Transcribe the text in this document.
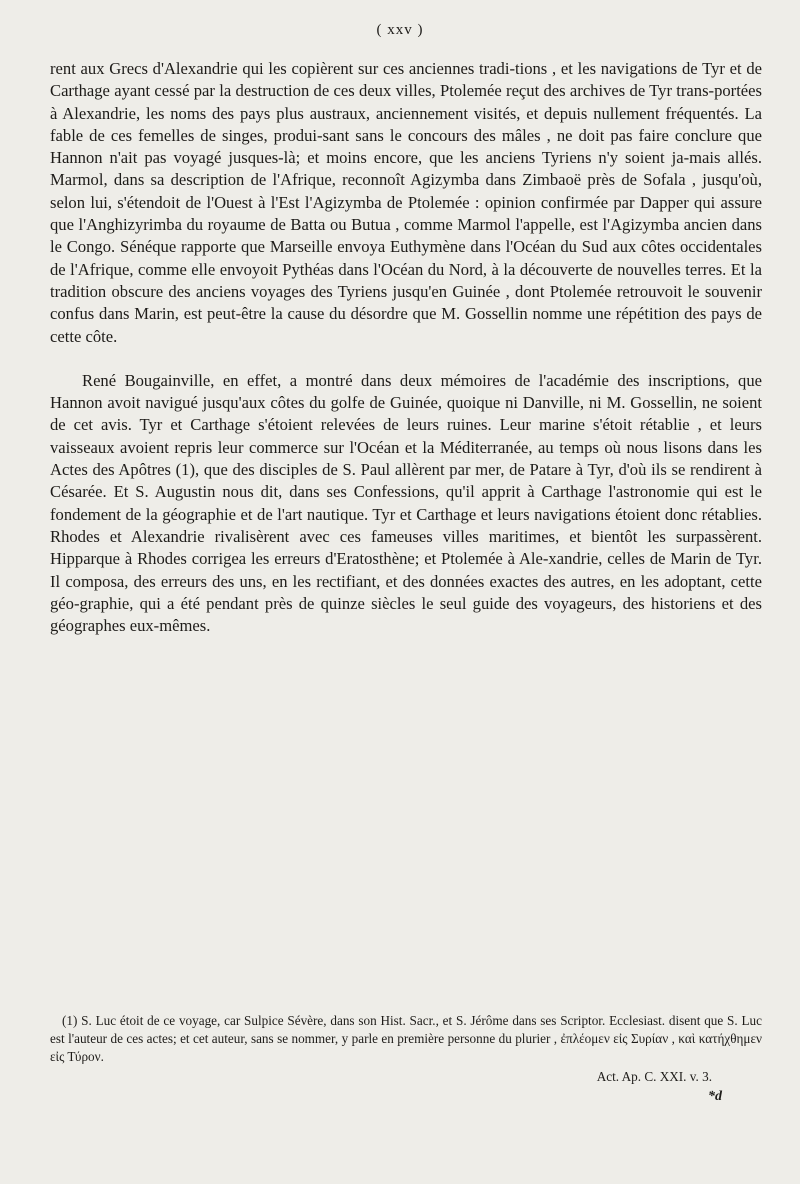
( xxv )

rent aux Grecs d'Alexandrie qui les copièrent sur ces anciennes tradi-tions , et les navigations de Tyr et de Carthage ayant cessé par la destruction de ces deux villes, Ptolemée reçut des archives de Tyr trans-portées à Alexandrie, les noms des pays plus austraux, anciennement visités, et depuis nullement fréquentés. La fable de ces femelles de singes, produi-sant sans le concours des mâles , ne doit pas faire conclure que Hannon n'ait pas voyagé jusques-là; et moins encore, que les anciens Tyriens n'y soient ja-mais allés. Marmol, dans sa description de l'Afrique, reconnoît Agizymba dans Zimbaoë près de Sofala , jusqu'où, selon lui, s'étendoit de l'Ouest à l'Est l'Agizymba de Ptolemée : opinion confirmée par Dapper qui assure que l'Anghizyrimba du royaume de Batta ou Butua , comme Marmol l'appelle, est l'Agizymba ancien dans le Congo. Sénéque rapporte que Marseille envoya Euthymène dans l'Océan du Sud aux côtes occidentales de l'Afrique, comme elle envoyoit Pythéas dans l'Océan du Nord, à la découverte de nouvelles terres. Et la tradition obscure des anciens voyages des Tyriens jusqu'en Guinée , dont Ptolemée retrouvoit le souvenir confus dans Marin, est peut-être la cause du désordre que M. Gossellin nomme une répétition des pays de cette côte.

René Bougainville, en effet, a montré dans deux mémoires de l'académie des inscriptions, que Hannon avoit navigué jusqu'aux côtes du golfe de Guinée, quoique ni Danville, ni M. Gossellin, ne soient de cet avis. Tyr et Carthage s'étoient relevées de leurs ruines. Leur marine s'étoit rétablie , et leurs vaisseaux avoient repris leur commerce sur l'Océan et la Méditerranée, au temps où nous lisons dans les Actes des Apôtres (1), que des disciples de S. Paul allèrent par mer, de Patare à Tyr, d'où ils se rendirent à Césarée. Et S. Augustin nous dit, dans ses Confessions, qu'il apprit à Carthage l'astronomie qui est le fondement de la géographie et de l'art nautique. Tyr et Carthage et leurs navigations étoient donc rétablies. Rhodes et Alexandrie rivalisèrent avec ces fameuses villes maritimes, et bientôt les surpassèrent. Hipparque à Rhodes corrigea les erreurs d'Eratosthène; et Ptolemée à Ale-xandrie, celles de Marin de Tyr. Il composa, des erreurs des uns, en les rectifiant, et des données exactes des autres, en les adoptant, cette géo-graphie, qui a été pendant près de quinze siècles le seul guide des voyageurs, des historiens et des géographes eux-mêmes.

(1) S. Luc étoit de ce voyage, car Sulpice Sévère, dans son Hist. Sacr., et S. Jérôme dans ses Scriptor. Ecclesiast. disent que S. Luc est l'auteur de ces actes; et cet auteur, sans se nommer, y parle en première personne du plurier , ἐπλέομεν εἰς Συρίαν , καὶ κατήχθημεν εἰς Τύρον.
Act. Ap. C. XXI. v. 3.
*d
